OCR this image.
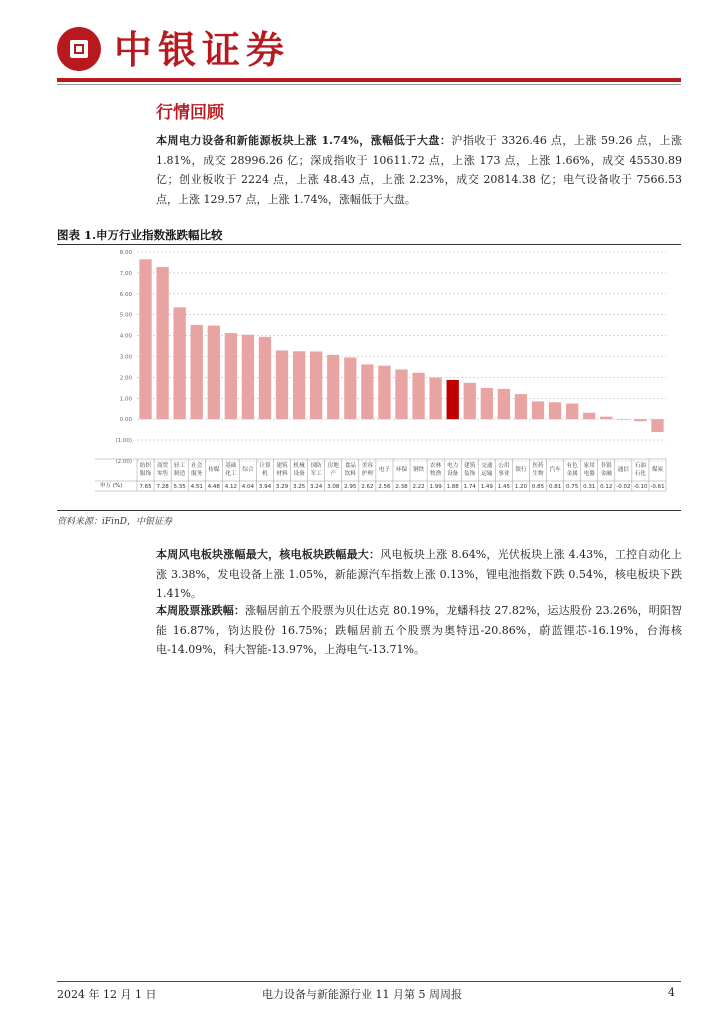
中银证券
行情回顾
本周电力设备和新能源板块上涨 1.74%，涨幅低于大盘：沪指收于 3326.46 点，上涨 59.26 点，上涨 1.81%，成交 28996.26 亿；深成指收于 10611.72 点，上涨 173 点，上涨 1.66%，成交 45530.89 亿；创业板收于 2224 点，上涨 48.43 点，上涨 2.23%，成交 20814.38 亿；电气设备收于 7566.53 点，上涨 129.57 点，上涨 1.74%，涨幅低于大盘。
图表 1.申万行业指数涨跌幅比较
8.00
7.00
6.00
5.00
4.00
3.00
2.00
1.00
0.00
(1.00)
(2.00)
申万 (%)
纺织服饰
7.65
商贸零售
7.28
轻工制造
5.35
社会服务
4.51
传媒
4.48
基础化工
4.12
综合
4.04
计算机
3.94
建筑材料
3.29
机械设备
3.25
国防军工
3.24
房地产
3.08
食品饮料
2.95
美容护理
2.62
电子
2.56
环保
2.38
钢铁
2.22
农林牧渔
1.99
电力设备
1.88
建筑装饰
1.74
交通运输
1.49
公用事业
1.45
银行
1.20
医药生物
0.85
汽车
0.81
有色金属
0.75
家用电器
0.31
非银金融
0.12
通信
-0.02
石油石化
-0.10
煤炭
-0.61
资料来源：iFinD，中银证券
本周风电板块涨幅最大，核电板块跌幅最大：风电板块上涨 8.64%，光伏板块上涨 4.43%，工控自动化上涨 3.38%，发电设备上涨 1.05%，新能源汽车指数上涨 0.13%，锂电池指数下跌 0.54%，核电板块下跌 1.41%。
本周股票涨跌幅：涨幅居前五个股票为贝仕达克 80.19%，龙蟠科技 27.82%，运达股份 23.26%，明阳智能 16.87%，钧达股份 16.75%；跌幅居前五个股票为奥特迅-20.86%，蔚蓝锂芯-16.19%，台海核电-14.09%，科大智能-13.97%，上海电气-13.71%。
2024 年 12 月 1 日	电力设备与新能源行业 11 月第 5 周周报	4
